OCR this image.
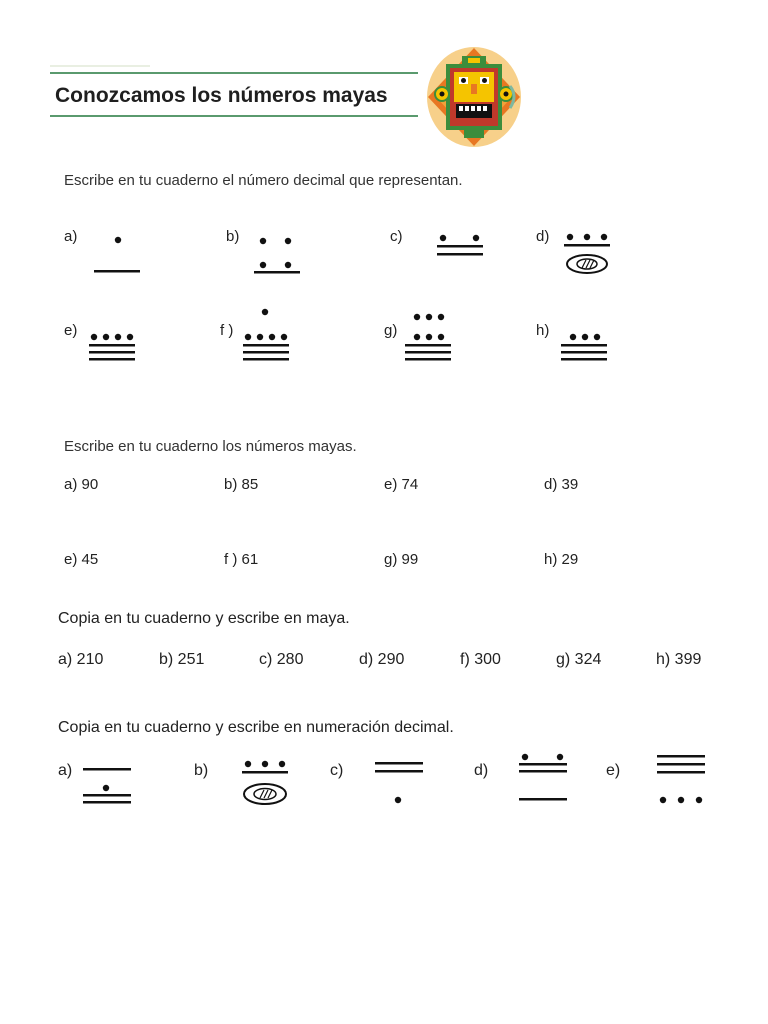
Conozcamos los números mayas
Escribe en tu cuaderno el número decimal que representan.
a)	b)	c)	d)
e)	f )	g)	h)
Escribe en tu cuaderno los números mayas.
a) 90	b) 85	e) 74	d) 39
e) 45	f ) 61	g) 99	h) 29
Copia en tu cuaderno y escribe en maya.
a) 210	b) 251	c) 280	d) 290	f) 300	g) 324	h) 399
Copia en tu cuaderno y escribe en numeración decimal.
a)	b)	c)	d)	e)
